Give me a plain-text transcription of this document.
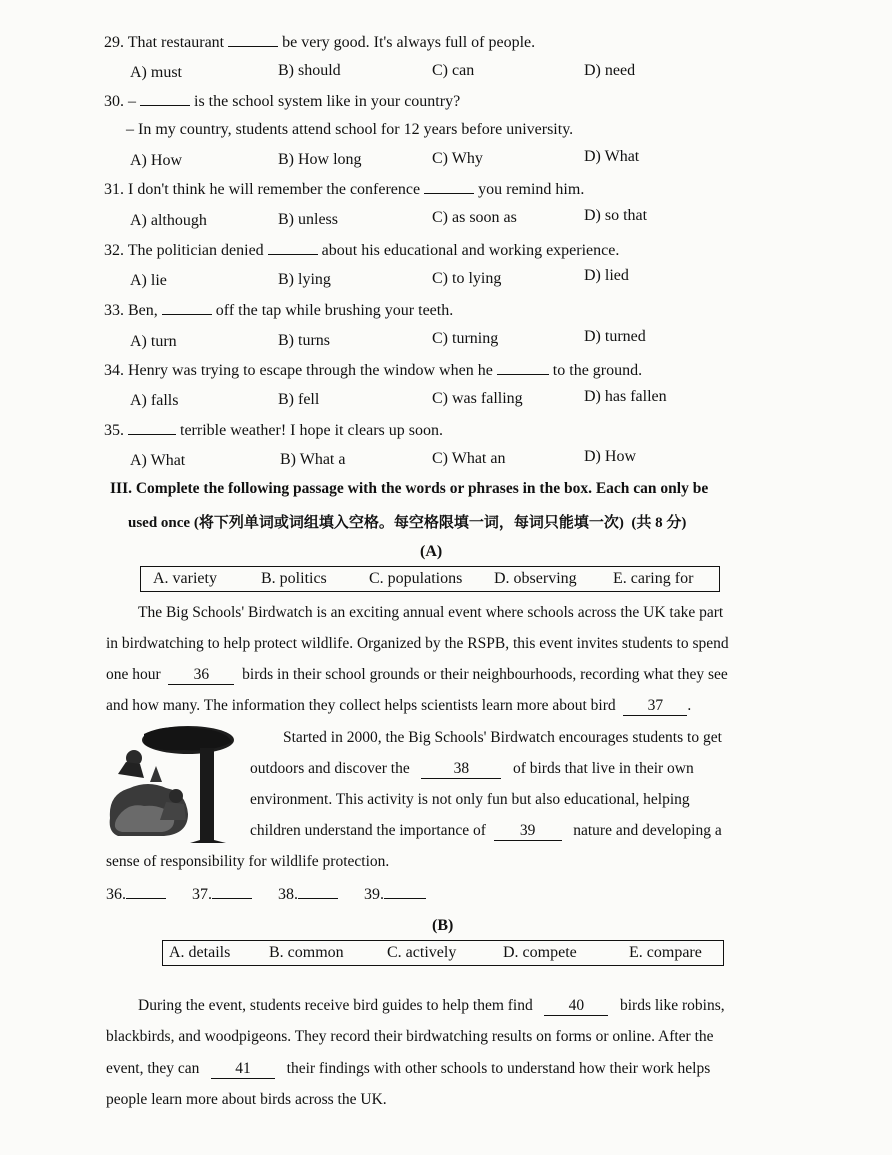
29. That restaurant	be very good. It's always full of people.
A) must	B) should	C) can	D) need
30. –	is the school system like in your country?
– In my country, students attend school for 12 years before university.
A) How	B) How long	C) Why	D) What
31. I don't think he will remember the conference	you remind him.
A) although	B) unless	C) as soon as	D) so that
32. The politician denied	about his educational and working experience.
A) lie	B) lying	C) to lying	D) lied
33. Ben,	off the tap while brushing your teeth.
A) turn	B) turns	C) turning	D) turned
34. Henry was trying to escape through the window when he	to the ground.
A) falls	B) fell	C) was falling	D) has fallen
35.	terrible weather! I hope it clears up soon.
A) What	B) What a	C) What an	D) How
III. Complete the following passage with the words or phrases in the box. Each can only be
used once (将下列单词或词组填入空格。每空格限填一词，每词只能填一次)  (共 8 分)
(A)
A. variety	B. politics	C. populations D. observing E. caring for
The Big Schools' Birdwatch is an exciting annual event where schools across the UK take part
in birdwatching to help protect wildlife. Organized by the RSPB, this event invites students to spend
one hour 36 birds in their school grounds or their neighbourhoods, recording what they see
and how many. The information they collect helps scientists learn more about bird 37 .
Started in 2000, the Big Schools' Birdwatch encourages students to get
outdoors and discover the	38	of birds that live in their own
environment. This activity is not only fun but also educational, helping
children understand the importance of 39 nature and developing a
sense of responsibility for wildlife protection.
36.	37.	38.	39.
(B)
A. details B. common	C. actively	D. compete	E. compare
During the event, students receive bird guides to help them find 40 birds like robins,
blackbirds, and woodpigeons. They record their birdwatching results on forms or online. After the
event, they can 41 their findings with other schools to understand how their work helps
people learn more about birds across the UK.
